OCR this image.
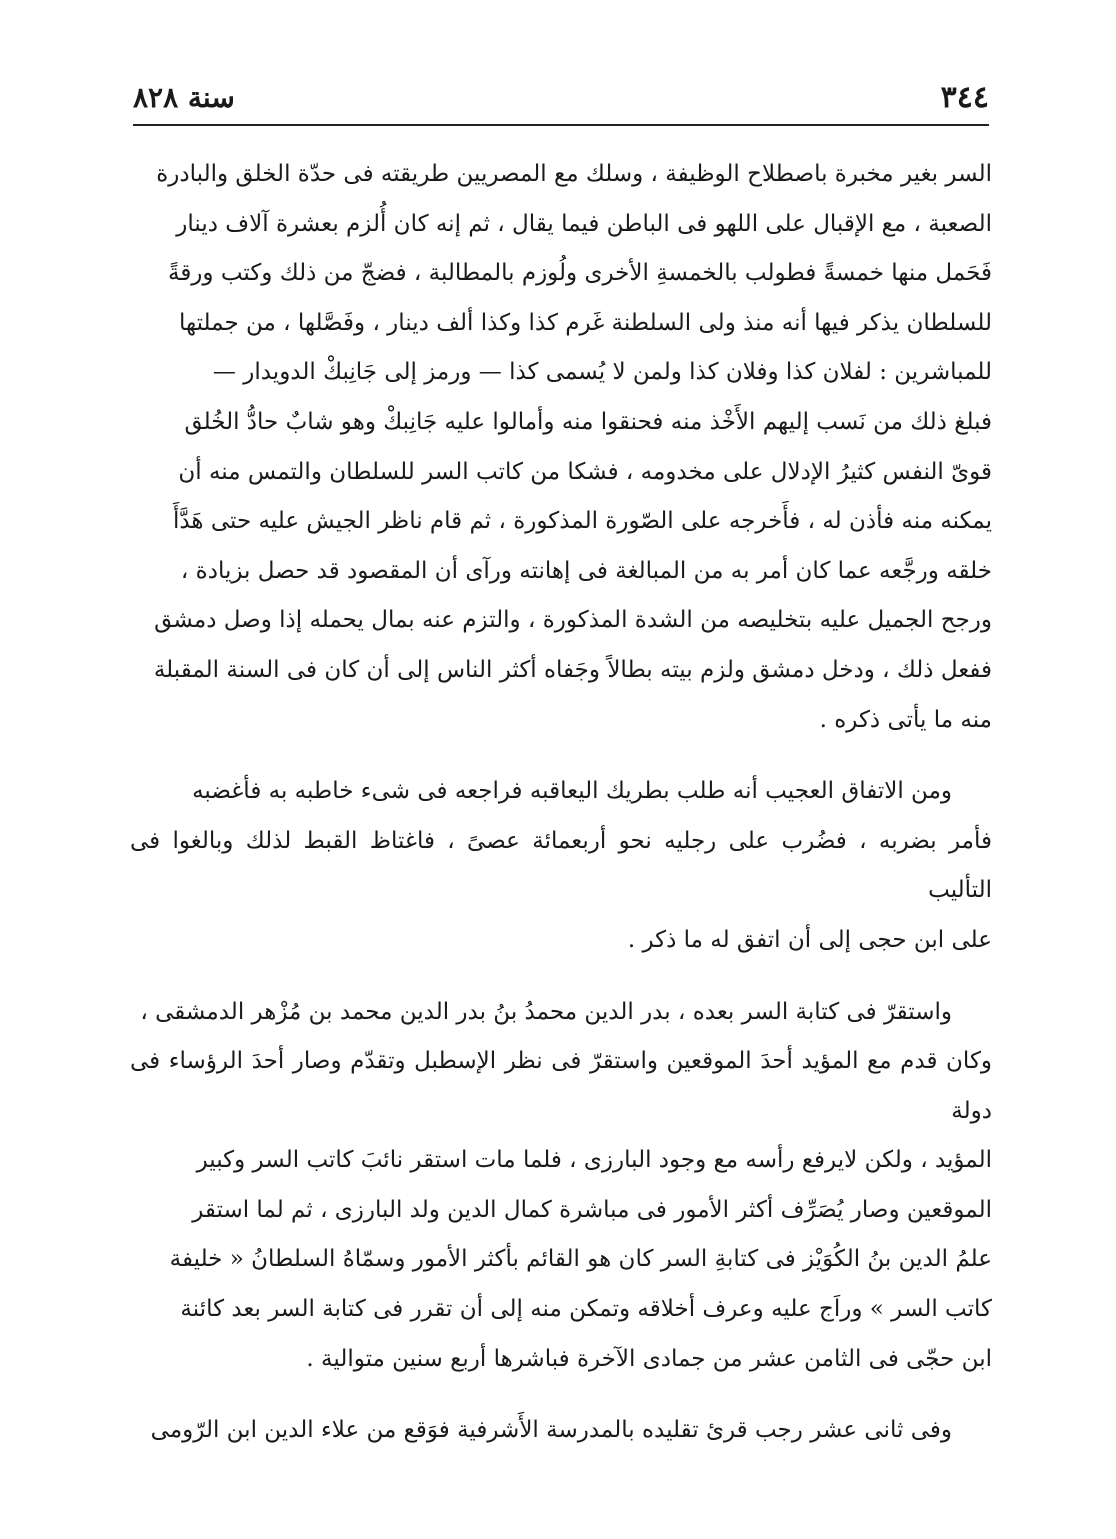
٣٤٤
سنة ٨٢٨

السر بغير مخبرة باصطلاح الوظيفة ، وسلك مع المصريين طريقته فى حدّة الخلق والبادرة

الصعبة ، مع الإقبال على اللهو فى الباطن فيما يقال ، ثم إنه كان أُلزم بعشرة آلاف دينار

فَحَمل منها خمسةً فطولب بالخمسةِ الأخرى ولُوزم بالمطالبة ، فضجّ من ذلك وكتب ورقةً

للسلطان يذكر فيها أنه منذ ولى السلطنة غَرم كذا وكذا ألف دينار ، وفَصَّلها ، من جملتها

للمباشرين : لفلان كذا وفلان كذا ولمن لا يُسمى كذا — ورمز إلى جَانِبكْ الدويدار —

فبلغ ذلك من نَسب إليهم الأَخْذ منه فحنقوا منه وأمالوا عليه جَانِبكْ وهو شابٌ حادُّ الخُلق

قوىّ النفس كثيرُ الإدلال على مخدومه ، فشكا من كاتب السر للسلطان والتمس منه أن

يمكنه منه فأذن له ، فأَخرجه على الصّورة المذكورة ، ثم قام ناظر الجيش عليه حتى هَدَّأَ

خلقه ورجَّعه عما كان أمر به من المبالغة فى إهانته ورآى أن المقصود قد حصل بزيادة ،

ورجح الجميل عليه بتخليصه من الشدة المذكورة ، والتزم عنه بمال يحمله إذا وصل دمشق

ففعل ذلك ، ودخل دمشق ولزم بيته بطالاً وجَفاه أكثر الناس إلى أن كان فى السنة المقبلة

منه ما يأتى ذكره .

ومن الاتفاق العجيب أنه طلب بطريك اليعاقبه فراجعه فى شىء خاطبه به فأغضبه

فأمر بضربه ، فضُرب على رجليه نحو أربعمائة عصىً ، فاغتاظ القبط لذلك وبالغوا فى التأليب

على ابن حجى إلى أن اتفق له ما ذكر .

واستقرّ فى كتابة السر بعده ، بدر الدين محمدُ بنُ بدر الدين محمد بن مُزْهر الدمشقى ،

وكان قدم مع المؤيد أحدَ الموقعين واستقرّ فى نظر الإسطبل وتقدّم وصار أحدَ الرؤساء فى دولة

المؤيد ، ولكن لايرفع رأسه مع وجود البارزى ، فلما مات استقر نائبَ كاتب السر وكبير

الموقعين وصار يُصَرِّف أكثر الأمور فى مباشرة كمال الدين ولد البارزى ، ثم لما استقر

علمُ الدين بنُ الكُوَيْز فى كتابةِ السر كان هو القائم بأكثر الأمور وسمّاهُ السلطانُ « خليفة

كاتب السر » وراَج عليه وعرف أخلاقه وتمكن منه إلى أن تقرر فى كتابة السر بعد كائنة

ابن حجّى فى الثامن عشر من جمادى الآخرة فباشرها أربع سنين متوالية .

وفى ثانى عشر رجب قرئ تقليده بالمدرسة الأَشرفية فوَقع من علاء الدين ابن الرّومى
